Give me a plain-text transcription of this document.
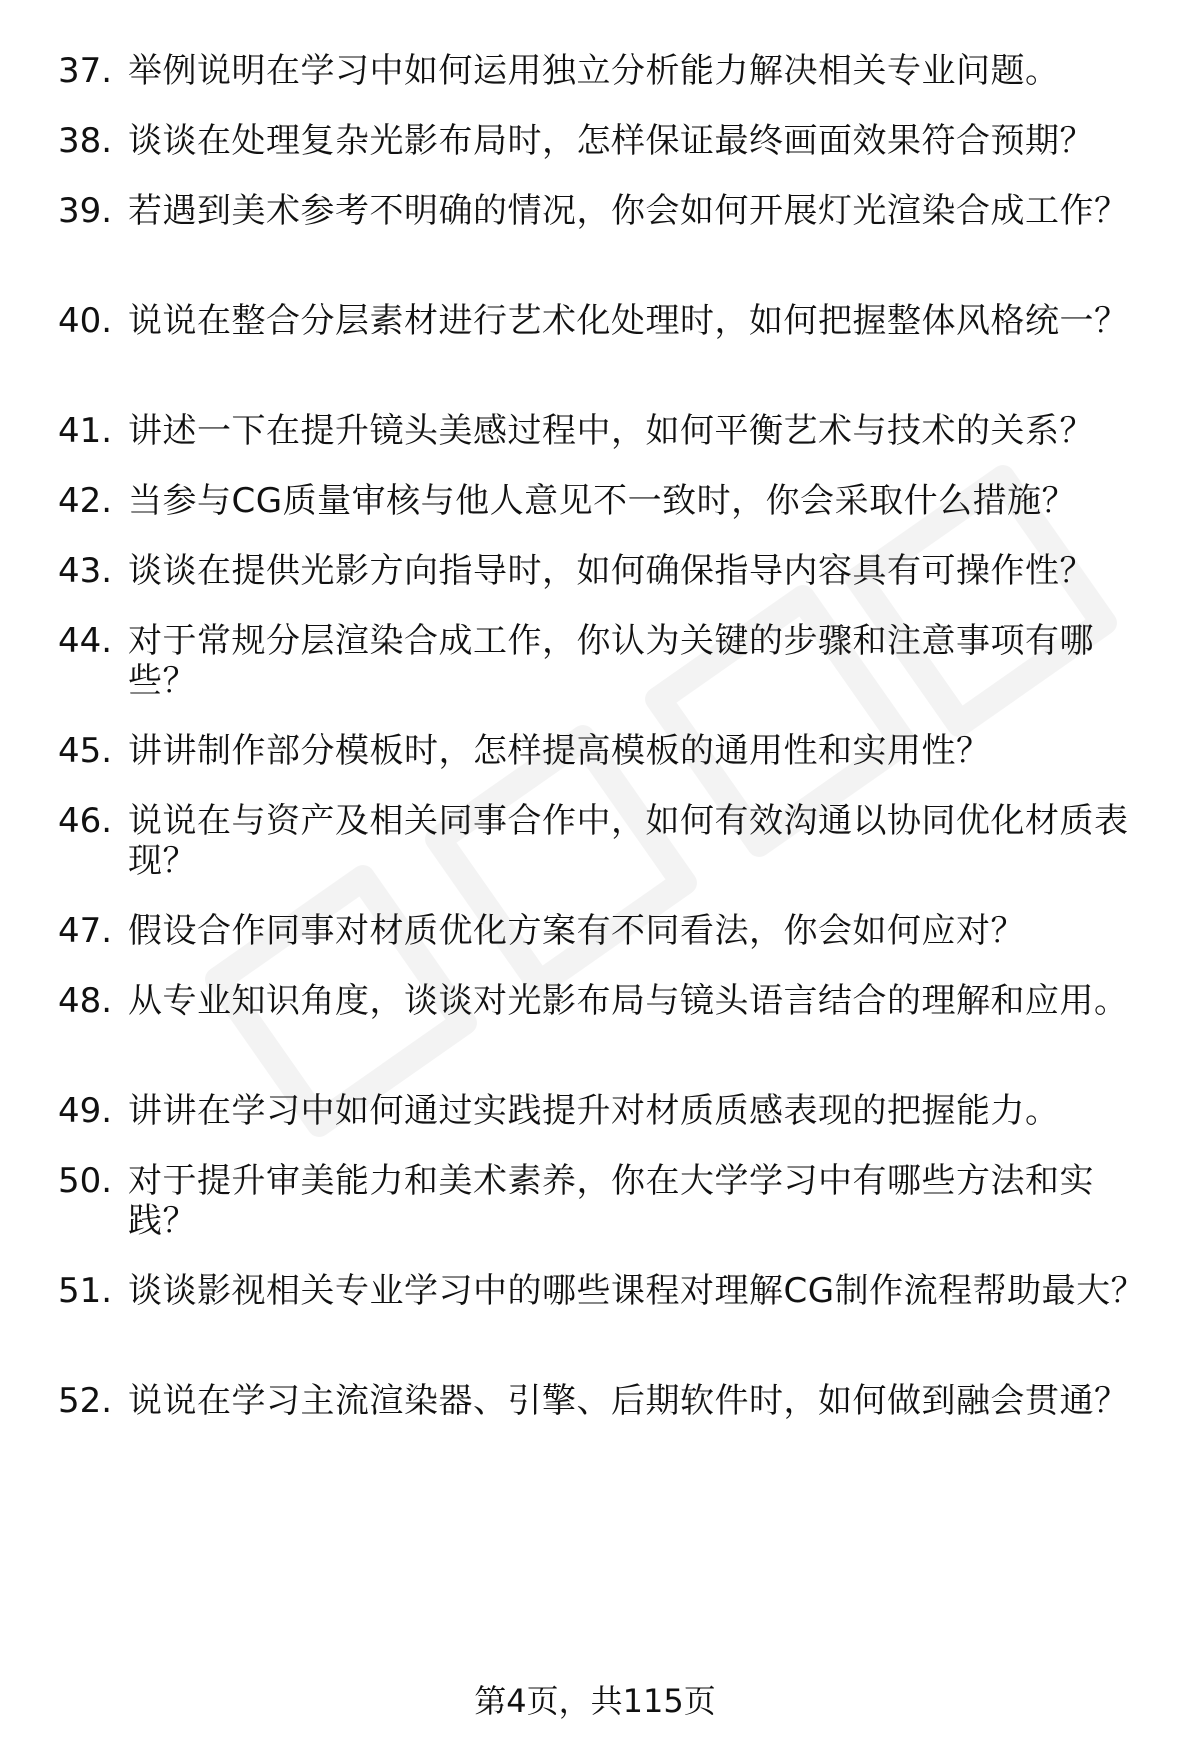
37. 举例说明在学习中如何运用独立分析能力解决相关专业问题。
38. 谈谈在处理复杂光影布局时，怎样保证最终画面效果符合预期？
39. 若遇到美术参考不明确的情况，你会如何开展灯光渲染合成工作？
40. 说说在整合分层素材进行艺术化处理时，如何把握整体风格统一？
41. 讲述一下在提升镜头美感过程中，如何平衡艺术与技术的关系？
42. 当参与CG质量审核与他人意见不一致时，你会采取什么措施？
43. 谈谈在提供光影方向指导时，如何确保指导内容具有可操作性？
44. 对于常规分层渲染合成工作，你认为关键的步骤和注意事项有哪些？
45. 讲讲制作部分模板时，怎样提高模板的通用性和实用性？
46. 说说在与资产及相关同事合作中，如何有效沟通以协同优化材质表现？
47. 假设合作同事对材质优化方案有不同看法，你会如何应对？
48. 从专业知识角度，谈谈对光影布局与镜头语言结合的理解和应用。
49. 讲讲在学习中如何通过实践提升对材质质感表现的把握能力。
50. 对于提升审美能力和美术素养，你在大学学习中有哪些方法和实践？
51. 谈谈影视相关专业学习中的哪些课程对理解CG制作流程帮助最大？
52. 说说在学习主流渲染器、引擎、后期软件时，如何做到融会贯通？
第4页，共115页
